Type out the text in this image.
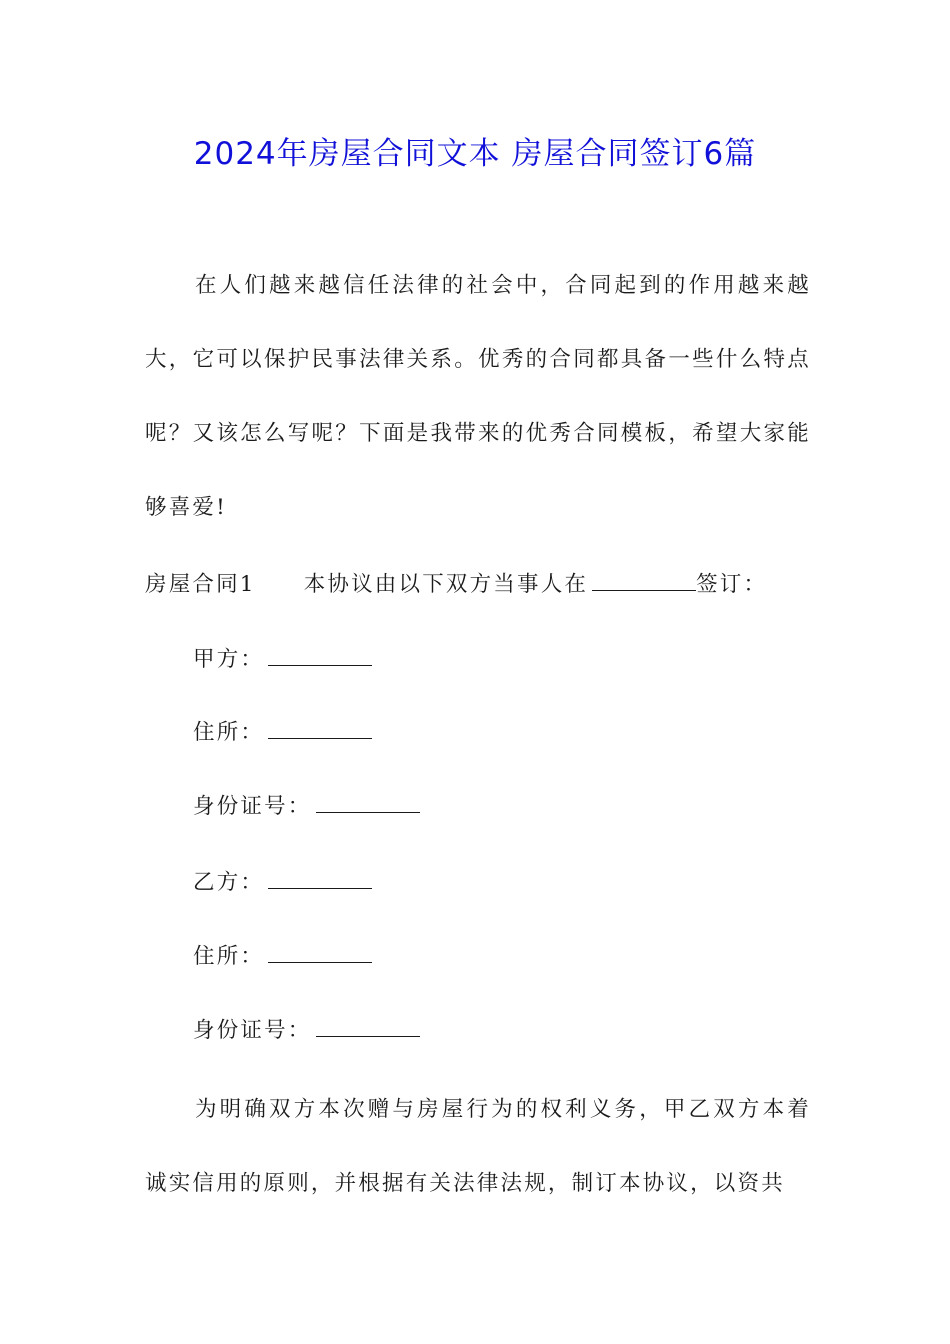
2024年房屋合同文本 房屋合同签订6篇

在人们越来越信任法律的社会中，合同起到的作用越来越大，它可以保护民事法律关系。优秀的合同都具备一些什么特点呢？又该怎么写呢？下面是我带来的优秀合同模板，希望大家能够喜爱!

房屋合同1 本协议由以下双方当事人在	签订：
甲方：
住所：
身份证号：
乙方：
住所：
身份证号：

为明确双方本次赠与房屋行为的权利义务，甲乙双方本着诚实信用的原则，并根据有关法律法规，制订本协议，以资共
